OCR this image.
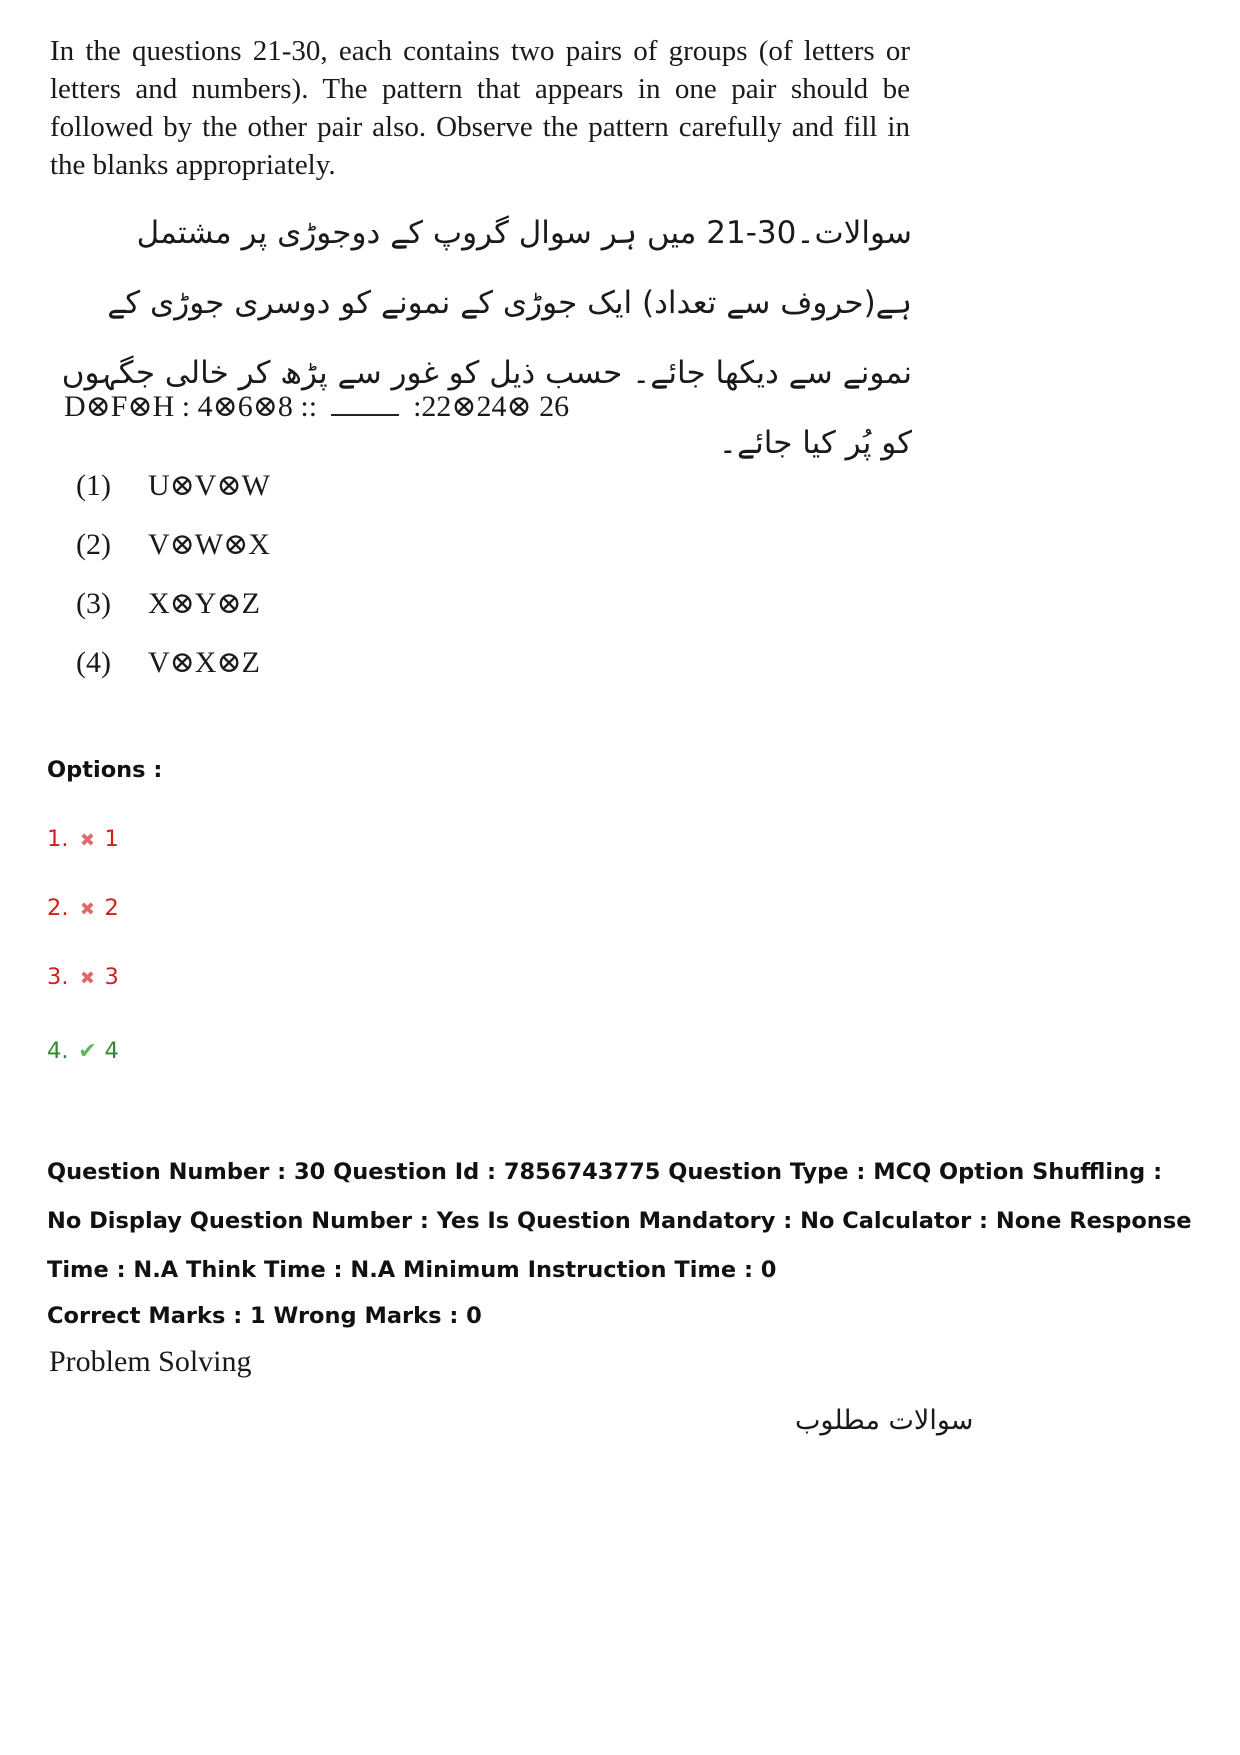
In the questions 21-30, each contains two pairs of groups (of letters or letters and numbers). The pattern that appears in one pair should be followed by the other pair also. Observe the pattern carefully and fill in the blanks appropriately.
سوالات۔30-21 میں ہر سوال گروپ کے دوجوڑی پر مشتمل ہے(حروف سے تعداد) ایک جوڑی کے نمونے کو دوسری جوڑی کے نمونے سے دیکھا جائے۔ حسب ذیل کو غور سے پڑھ کر خالی جگہوں کو پُر کیا جائے۔
D⊗F⊗H : 4⊗6⊗8 ::	:22⊗24⊗ 26
(1) U⊗V⊗W
(2) V⊗W⊗X
(3) X⊗Y⊗Z
(4) V⊗X⊗Z
Options :
1. ✖ 1
2. ✖ 2
3. ✖ 3
4. ✔ 4
Question Number : 30 Question Id : 7856743775 Question Type : MCQ Option Shuffling : No Display Question Number : Yes Is Question Mandatory : No Calculator : None Response Time : N.A Think Time : N.A Minimum Instruction Time : 0
Correct Marks : 1 Wrong Marks : 0
Problem Solving
سوالات مطلوب
